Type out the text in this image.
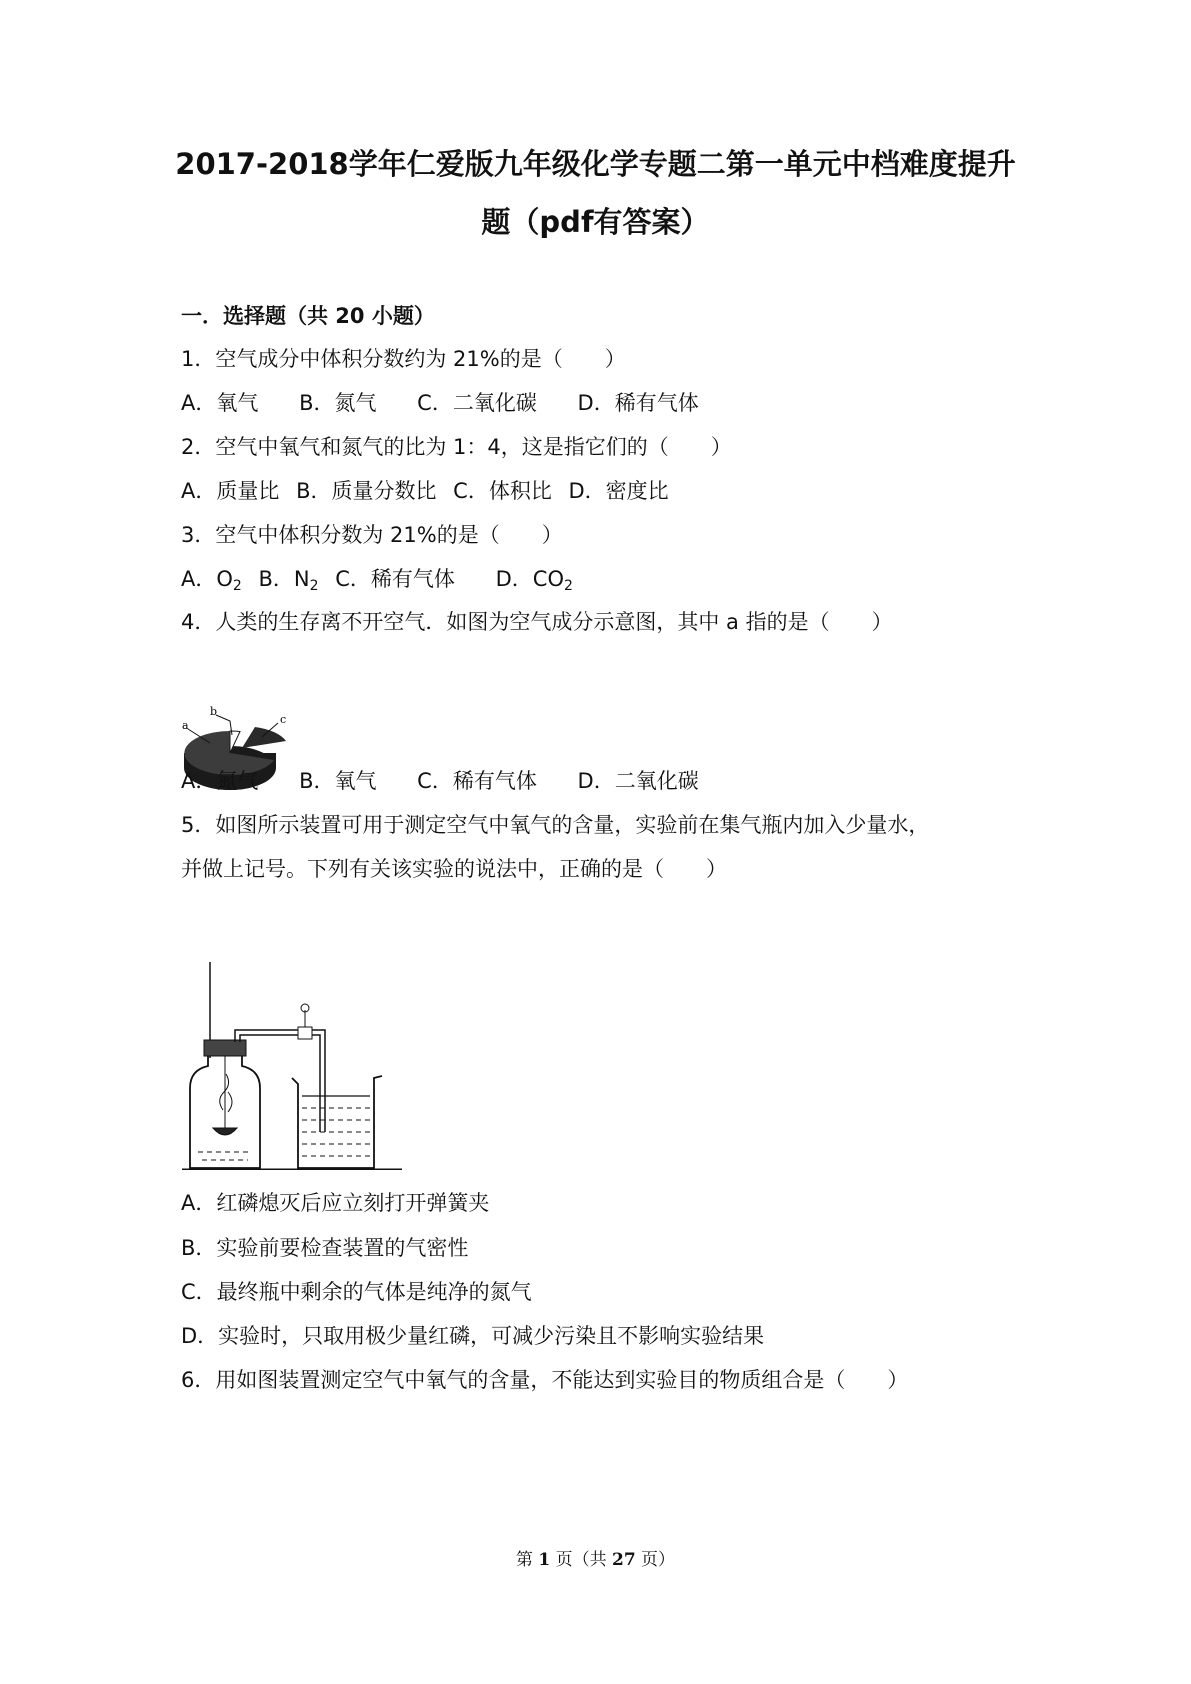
2017-2018学年仁爱版九年级化学专题二第一单元中档难度提升
题（pdf有答案）
一．选择题（共 20 小题）
1．空气成分中体积分数约为 21%的是（　　）
A．氧气 B．氮气 C．二氧化碳 D．稀有气体
2．空气中氧气和氮气的比为 1：4，这是指它们的（　　）
A．质量比 B．质量分数比 C．体积比 D．密度比
3．空气中体积分数为 21%的是（　　）
A．$O_2$ B．$N_2$ C．稀有气体 D．$CO_2$
4．人类的生存离不开空气．如图为空气成分示意图，其中 a 指的是（　　）
a
b
c
A．氮气 B．氧气 C．稀有气体 D．二氧化碳
5．如图所示装置可用于测定空气中氧气的含量，实验前在集气瓶内加入少量水，
并做上记号。下列有关该实验的说法中，正确的是（　　）
A．红磷熄灭后应立刻打开弹簧夹
B．实验前要检查装置的气密性
C．最终瓶中剩余的气体是纯净的氮气
D．实验时，只取用极少量红磷，可减少污染且不影响实验结果
6．用如图装置测定空气中氧气的含量，不能达到实验目的物质组合是（　　）
第 1 页（共 27 页）
